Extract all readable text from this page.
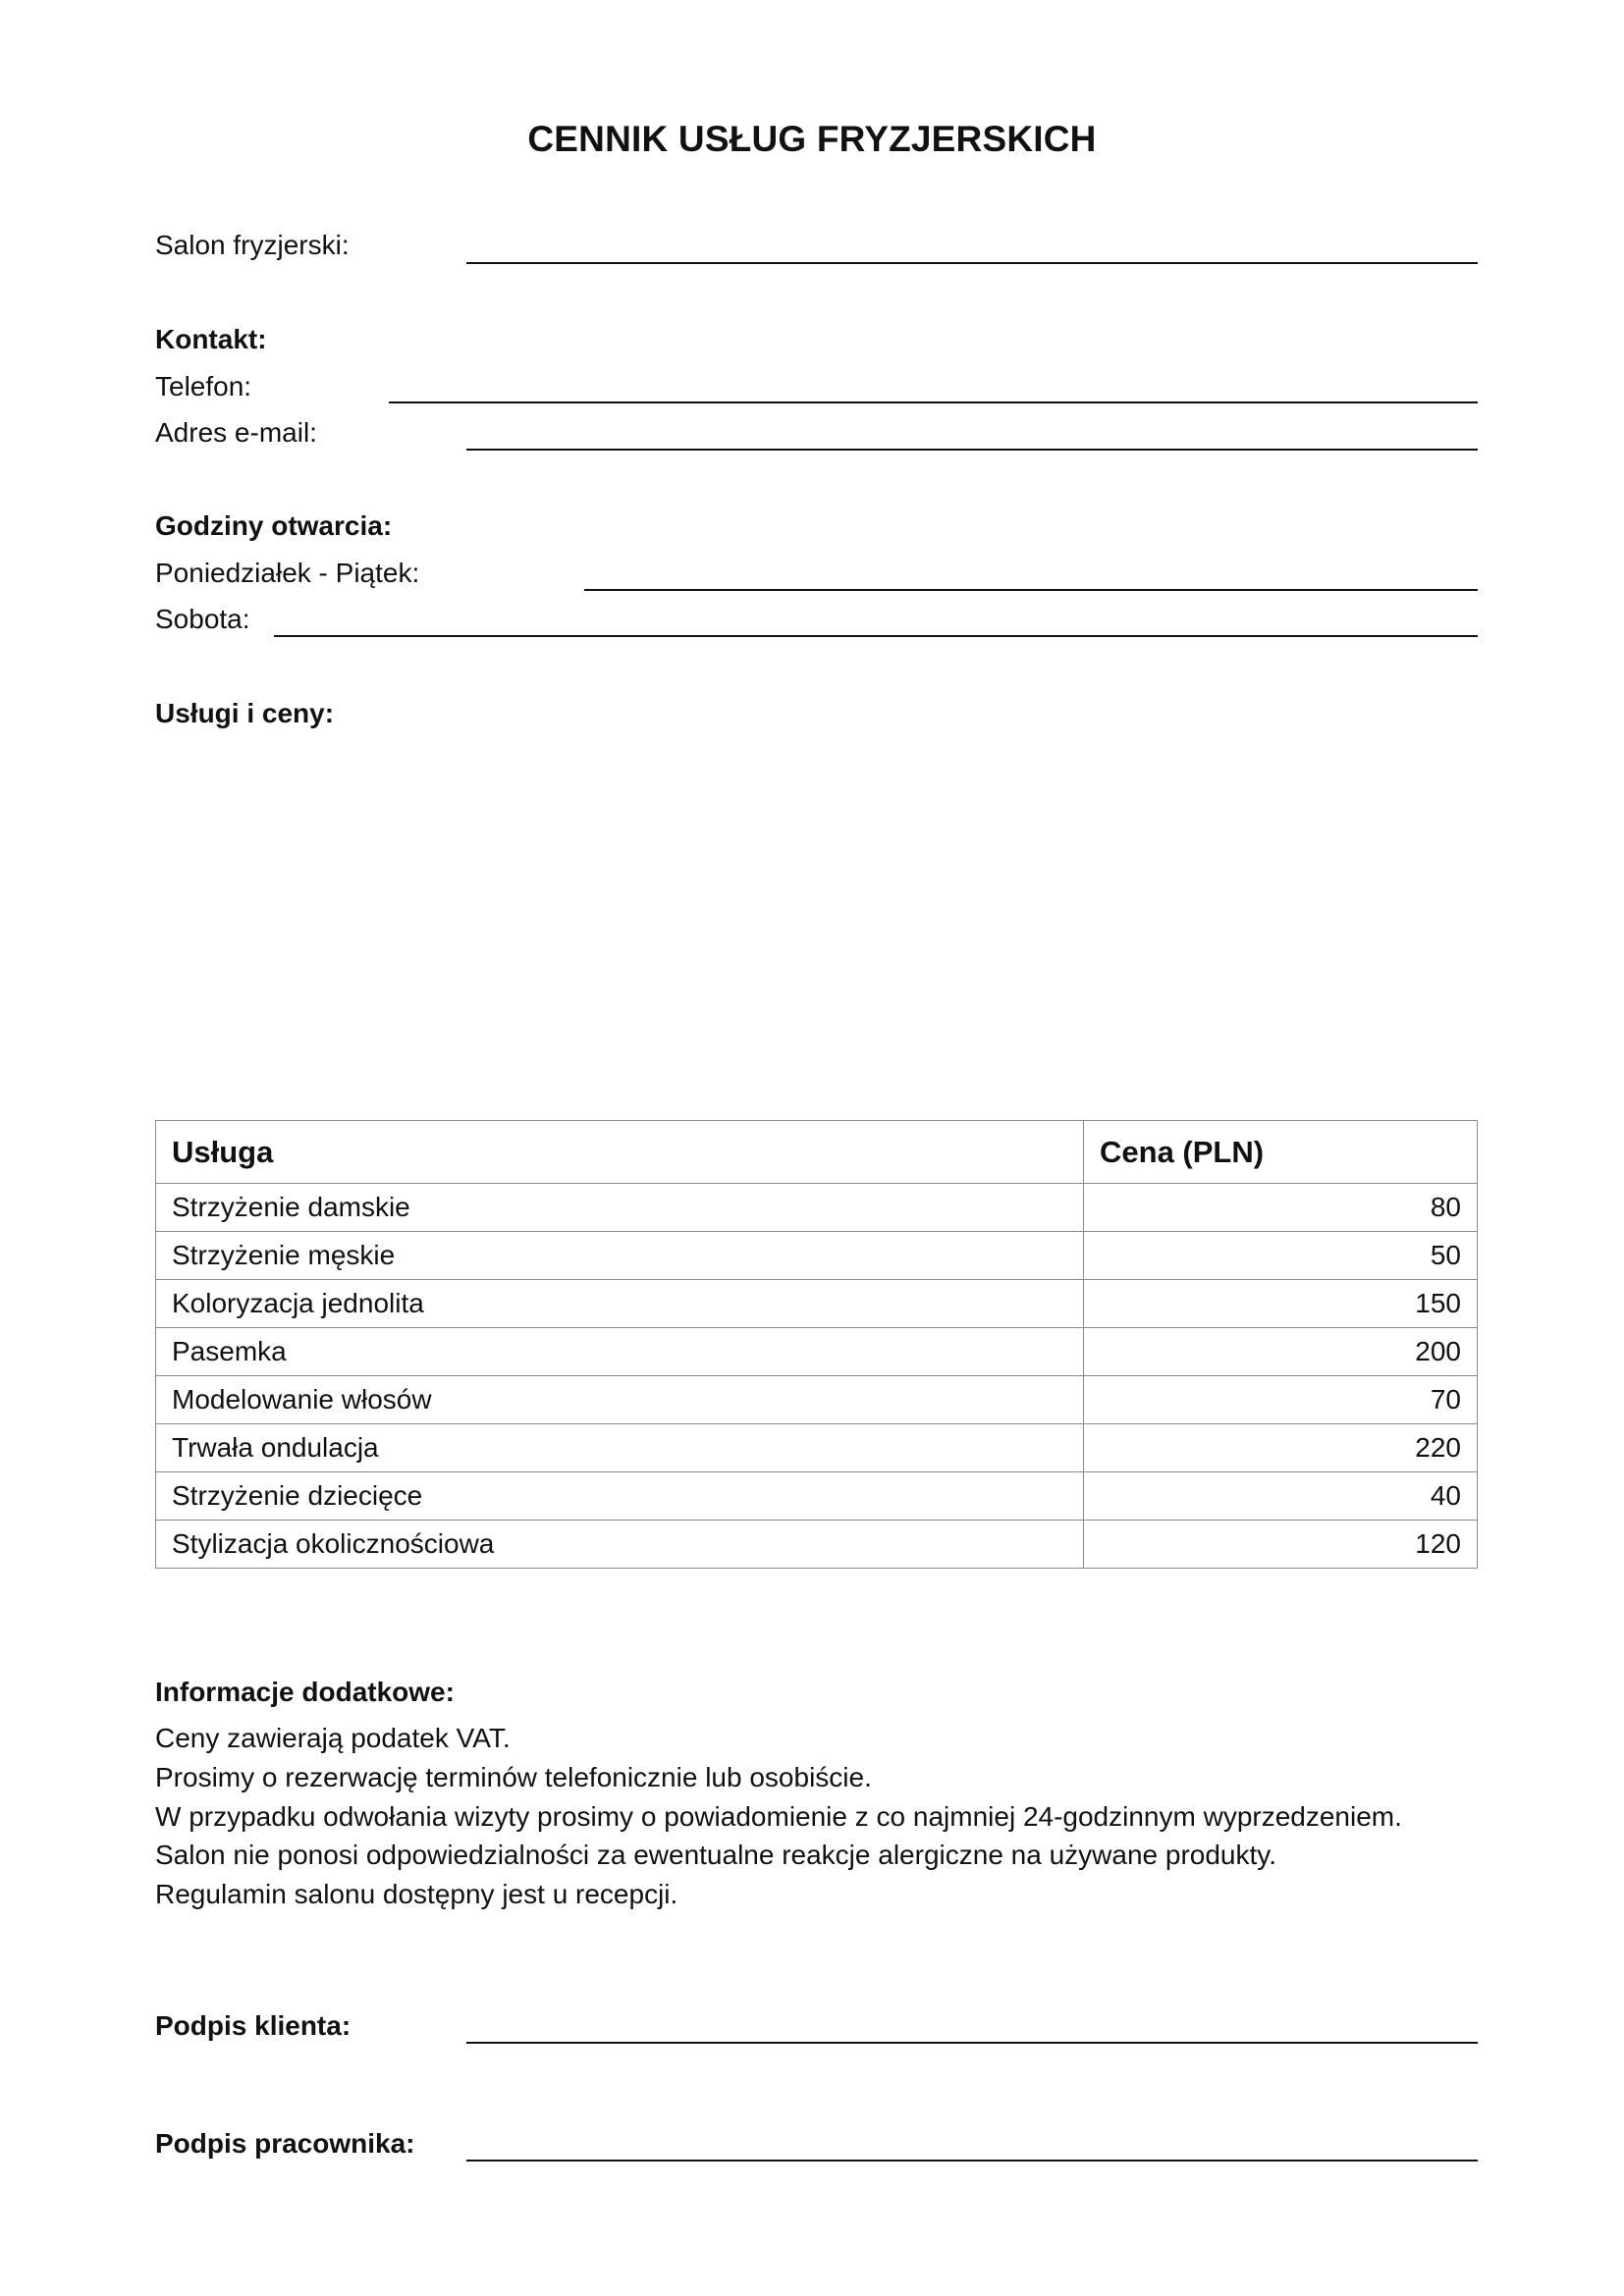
CENNIK USŁUG FRYZJERSKICH
Salon fryzjerski:
Kontakt:
Telefon:
Adres e-mail:
Godziny otwarcia:
Poniedziałek - Piątek:
Sobota:
Usługi i ceny:
Usługa	Cena (PLN)
Strzyżenie damskie	80
Strzyżenie męskie	50
Koloryzacja jednolita	150
Pasemka	200
Modelowanie włosów	70
Trwała ondulacja	220
Strzyżenie dziecięce	40
Stylizacja okolicznościowa	120
Informacje dodatkowe:
Ceny zawierają podatek VAT.
Prosimy o rezerwację terminów telefonicznie lub osobiście.
W przypadku odwołania wizyty prosimy o powiadomienie z co najmniej 24-godzinnym wyprzedzeniem.
Salon nie ponosi odpowiedzialności za ewentualne reakcje alergiczne na używane produkty.
Regulamin salonu dostępny jest u recepcji.
Podpis klienta:
Podpis pracownika:
